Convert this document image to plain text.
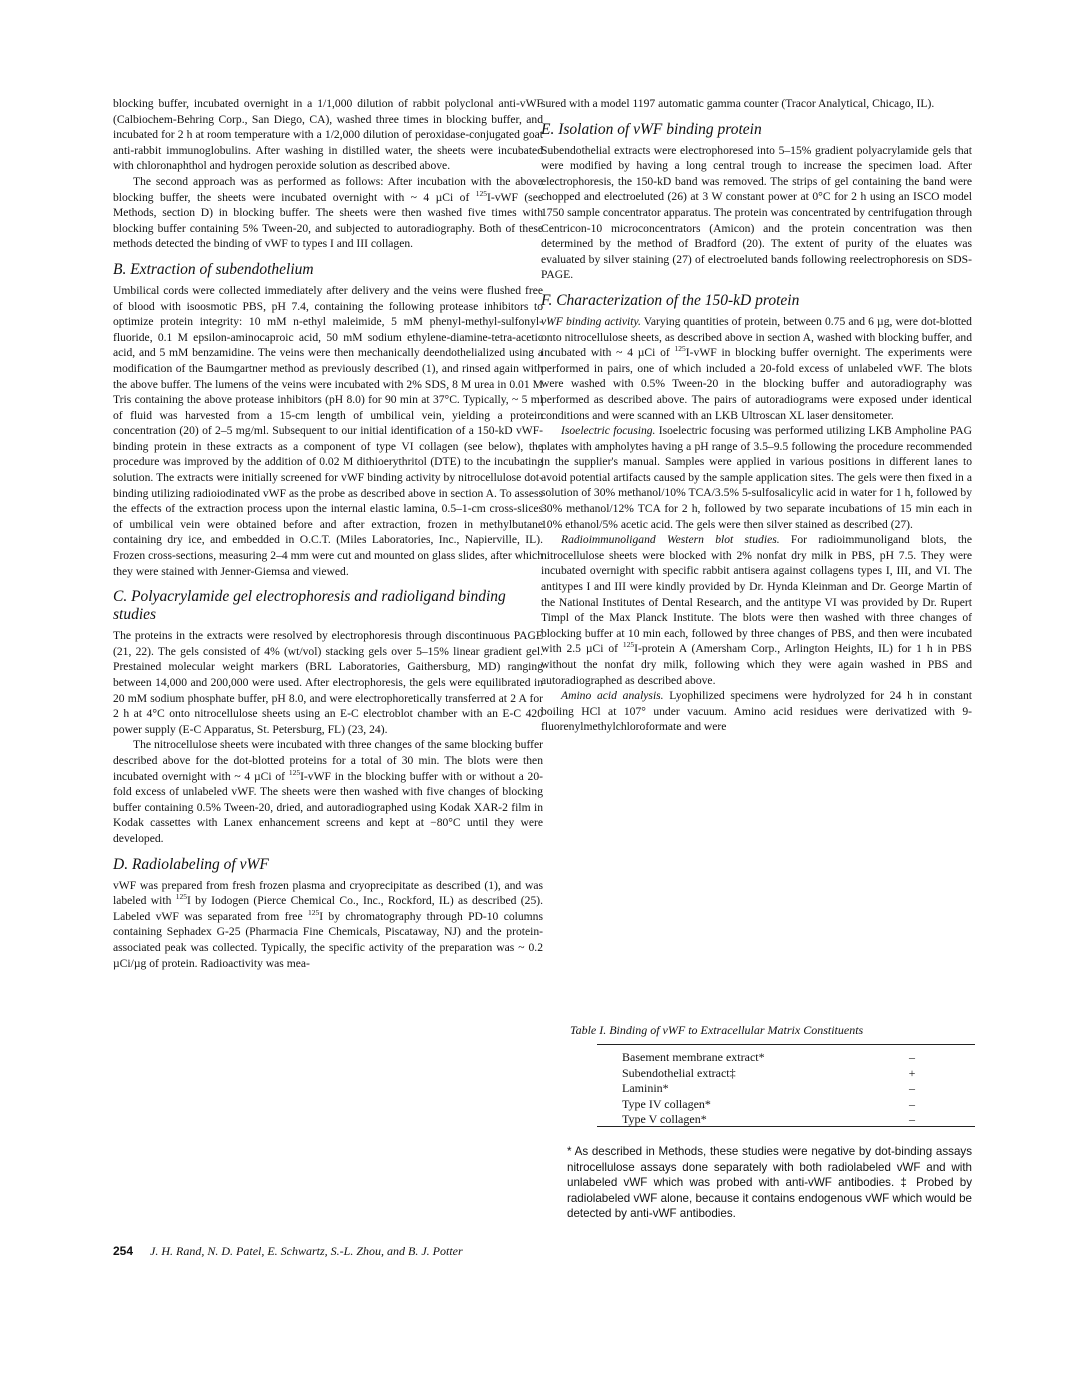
blocking buffer, incubated overnight in a 1/1,000 dilution of rabbit polyclonal anti-vWF (Calbiochem-Behring Corp., San Diego, CA), washed three times in blocking buffer, and incubated for 2 h at room temperature with a 1/2,000 dilution of peroxidase-conjugated goat anti-rabbit immunoglobulins. After washing in distilled water, the sheets were incubated with chloronaphthol and hydrogen peroxide solution as described above.

The second approach was as performed as follows: After incubation with the above blocking buffer, the sheets were incubated overnight with ~ 4 µCi of $^{125}$I-vWF (see Methods, section D) in blocking buffer. The sheets were then washed five times with blocking buffer containing 5% Tween-20, and subjected to autoradiography. Both of these methods detected the binding of vWF to types I and III collagen.

B. Extraction of subendothelium

Umbilical cords were collected immediately after delivery and the veins were flushed free of blood with isoosmotic PBS, pH 7.4, containing the following protease inhibitors to optimize protein integrity: 10 mM n-ethyl maleimide, 5 mM phenyl-methyl-sulfonyl-fluoride, 0.1 M epsilon-aminocaproic acid, 50 mM sodium ethylene-diamine-tetra-acetic acid, and 5 mM benzamidine. The veins were then mechanically deendothelialized using a modification of the Baumgartner method as previously described (1), and rinsed again with the above buffer. The lumens of the veins were incubated with 2% SDS, 8 M urea in 0.01 M Tris containing the above protease inhibitors (pH 8.0) for 90 min at 37°C. Typically, ~ 5 ml of fluid was harvested from a 15-cm length of umbilical vein, yielding a protein concentration (20) of 2–5 mg/ml. Subsequent to our initial identification of a 150-kD vWF-binding protein in these extracts as a component of type VI collagen (see below), the procedure was improved by the addition of 0.02 M dithioerythritol (DTE) to the incubating solution. The extracts were initially screened for vWF binding activity by nitrocellulose dot-binding utilizing radioiodinated vWF as the probe as described above in section A. To assess the effects of the extraction process upon the internal elastic lamina, 0.5–1-cm cross-slices of umbilical vein were obtained before and after extraction, frozen in methylbutane containing dry ice, and embedded in O.C.T. (Miles Laboratories, Inc., Napierville, IL). Frozen cross-sections, measuring 2–4 mm were cut and mounted on glass slides, after which they were stained with Jenner-Giemsa and viewed.

C. Polyacrylamide gel electrophoresis and radioligand binding studies

The proteins in the extracts were resolved by electrophoresis through discontinuous PAGE (21, 22). The gels consisted of 4% (wt/vol) stacking gels over 5–15% linear gradient gel. Prestained molecular weight markers (BRL Laboratories, Gaithersburg, MD) ranging between 14,000 and 200,000 were used. After electrophoresis, the gels were equilibrated in 20 mM sodium phosphate buffer, pH 8.0, and were electrophoretically transferred at 2 A for 2 h at 4°C onto nitrocellulose sheets using an E-C electroblot chamber with an E-C 420 power supply (E-C Apparatus, St. Petersburg, FL) (23, 24).

The nitrocellulose sheets were incubated with three changes of the same blocking buffer described above for the dot-blotted proteins for a total of 30 min. The blots were then incubated overnight with ~ 4 µCi of $^{125}$I-vWF in the blocking buffer with or without a 20-fold excess of unlabeled vWF. The sheets were then washed with five changes of blocking buffer containing 0.5% Tween-20, dried, and autoradiographed using Kodak XAR-2 film in Kodak cassettes with Lanex enhancement screens and kept at −80°C until they were developed.

D. Radiolabeling of vWF

vWF was prepared from fresh frozen plasma and cryoprecipitate as described (1), and was labeled with $^{125}$I by Iodogen (Pierce Chemical Co., Inc., Rockford, IL) as described (25). Labeled vWF was separated from free $^{125}$I by chromatography through PD-10 columns containing Sephadex G-25 (Pharmacia Fine Chemicals, Piscataway, NJ) and the protein-associated peak was collected. Typically, the specific activity of the preparation was ~ 0.2 µCi/µg of protein. Radioactivity was mea-

sured with a model 1197 automatic gamma counter (Tracor Analytical, Chicago, IL).

E. Isolation of vWF binding protein

Subendothelial extracts were electrophoresed into 5–15% gradient polyacrylamide gels that were modified by having a long central trough to increase the specimen load. After electrophoresis, the 150-kD band was removed. The strips of gel containing the band were chopped and electroeluted (26) at 3 W constant power at 0°C for 2 h using an ISCO model 1750 sample concentrator apparatus. The protein was concentrated by centrifugation through Centricon-10 microconcentrators (Amicon) and the protein concentration was then determined by the method of Bradford (20). The extent of purity of the eluates was evaluated by silver staining (27) of electroeluted bands following reelectrophoresis on SDS-PAGE.

F. Characterization of the 150-kD protein

vWF binding activity. Varying quantities of protein, between 0.75 and 6 µg, were dot-blotted onto nitrocellulose sheets, as described above in section A, washed with blocking buffer, and incubated with ~ 4 µCi of $^{125}$I-vWF in blocking buffer overnight. The experiments were performed in pairs, one of which included a 20-fold excess of unlabeled vWF. The blots were washed with 0.5% Tween-20 in the blocking buffer and autoradiography was performed as described above. The pairs of autoradiograms were exposed under identical conditions and were scanned with an LKB Ultroscan XL laser densitometer.

Isoelectric focusing. Isoelectric focusing was performed utilizing LKB Ampholine PAG plates with ampholytes having a pH range of 3.5–9.5 following the procedure recommended in the supplier's manual. Samples were applied in various positions in different lanes to avoid potential artifacts caused by the sample application sites. The gels were then fixed in a solution of 30% methanol/10% TCA/3.5% 5-sulfosalicylic acid in water for 1 h, followed by 30% methanol/12% TCA for 2 h, followed by two separate incubations of 15 min each in 10% ethanol/5% acetic acid. The gels were then silver stained as described (27).

Radioimmunoligand Western blot studies. For radioimmunoligand blots, the nitrocellulose sheets were blocked with 2% nonfat dry milk in PBS, pH 7.5. They were incubated overnight with specific rabbit antisera against collagens types I, III, and VI. The antitypes I and III were kindly provided by Dr. Hynda Kleinman and Dr. George Martin of the National Institutes of Dental Research, and the antitype VI was provided by Dr. Rupert Timpl of the Max Planck Institute. The blots were then washed with three changes of blocking buffer at 10 min each, followed by three changes of PBS, and then were incubated with 2.5 µCi of $^{125}$I-protein A (Amersham Corp., Arlington Heights, IL) for 1 h in PBS without the nonfat dry milk, following which they were again washed in PBS and autoradiographed as described above.

Amino acid analysis. Lyophilized specimens were hydrolyzed for 24 h in constant boiling HCl at 107° under vacuum. Amino acid residues were derivatized with 9-fluorenylmethylchloroformate and were

Table I. Binding of vWF to Extracellular Matrix Constituents
Basement membrane extract*	–
Subendothelial extract‡	+
Laminin*	–
Type IV collagen*	–
Type V collagen*	–
* As described in Methods, these studies were negative by dot-binding assays nitrocellulose assays done separately with both radiolabeled vWF and with unlabeled vWF which was probed with anti-vWF antibodies. ‡ Probed by radiolabeled vWF alone, because it contains endogenous vWF which would be detected by anti-vWF antibodies.
254 J. H. Rand, N. D. Patel, E. Schwartz, S.-L. Zhou, and B. J. Potter
